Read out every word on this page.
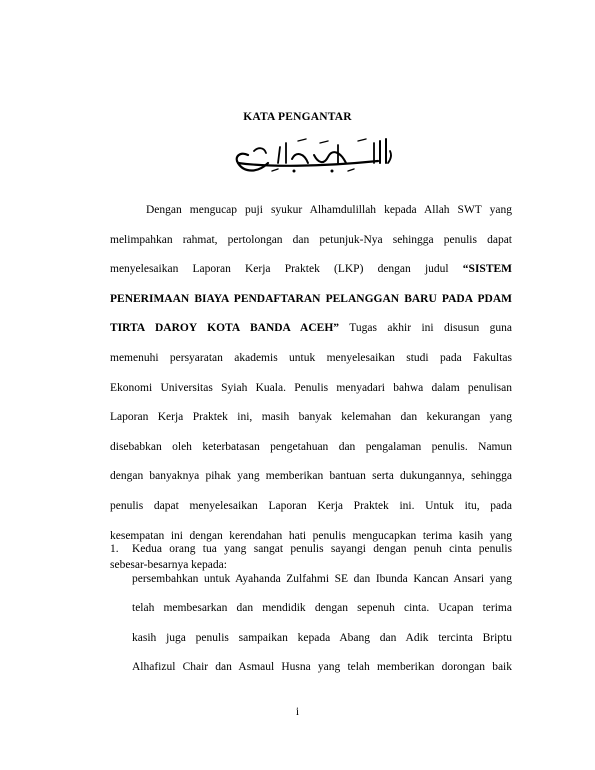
KATA PENGANTAR
Dengan mengucap puji syukur Alhamdulillah kepada Allah SWT yang
melimpahkan rahmat, pertolongan dan petunjuk-Nya sehingga penulis dapat
menyelesaikan Laporan Kerja Praktek (LKP) dengan judul “SISTEM
PENERIMAAN BIAYA PENDAFTARAN PELANGGAN BARU PADA PDAM
TIRTA DAROY KOTA BANDA ACEH” Tugas akhir ini disusun guna
memenuhi persyaratan akademis untuk menyelesaikan studi pada Fakultas
Ekonomi Universitas Syiah Kuala. Penulis menyadari bahwa dalam penulisan
Laporan Kerja Praktek ini, masih banyak kelemahan dan kekurangan yang
disebabkan oleh keterbatasan pengetahuan dan pengalaman penulis. Namun
dengan banyaknya pihak yang memberikan bantuan serta dukungannya, sehingga
penulis dapat menyelesaikan Laporan Kerja Praktek ini. Untuk itu, pada
kesempatan ini dengan kerendahan hati penulis mengucapkan terima kasih yang
sebesar-besarnya kepada:
1. Kedua orang tua yang sangat penulis sayangi dengan penuh cinta penulis
persembahkan untuk Ayahanda Zulfahmi SE dan Ibunda Kancan Ansari yang
telah membesarkan dan mendidik dengan sepenuh cinta. Ucapan terima
kasih juga penulis sampaikan kepada Abang dan Adik tercinta Briptu
Alhafizul Chair dan Asmaul Husna yang telah memberikan dorongan baik
i
